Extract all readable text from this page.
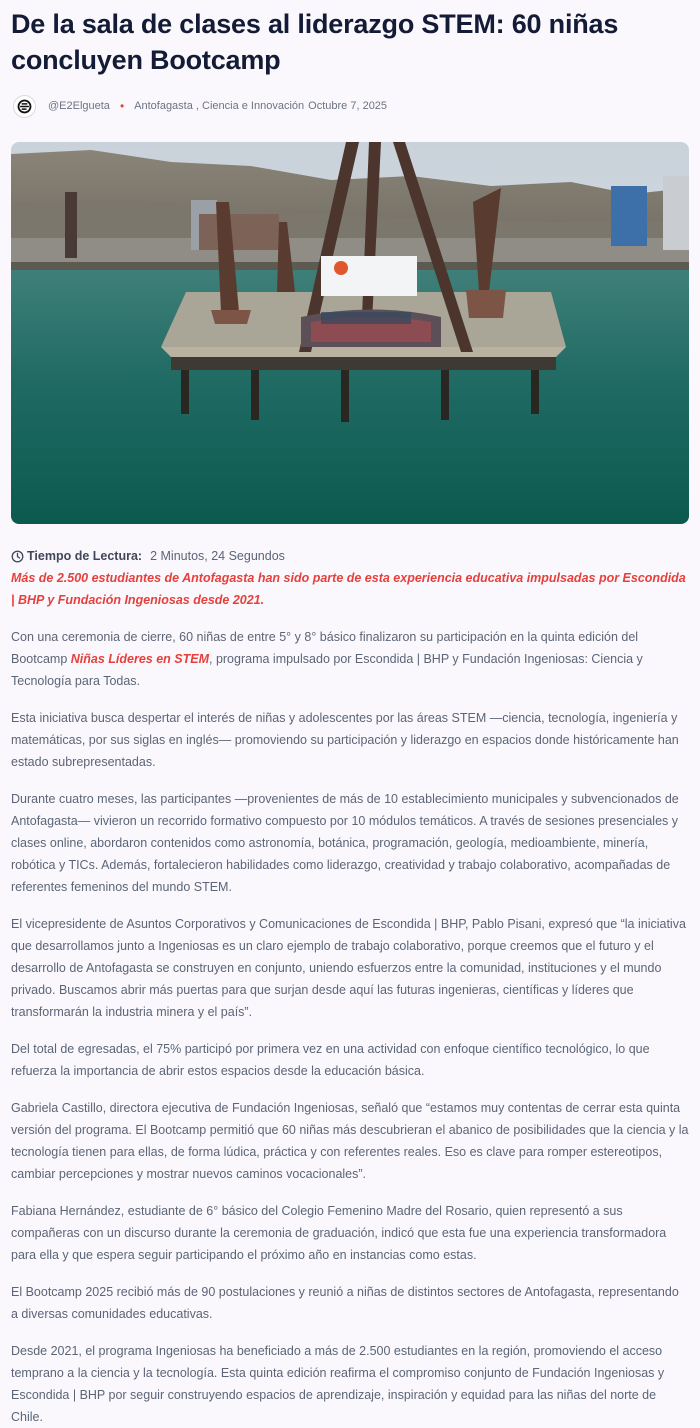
De la sala de clases al liderazgo STEM: 60 niñas concluyen Bootcamp
@E2Elgueta • Antofagasta , Ciencia e Innovación Octubre 7, 2025
Tiempo de Lectura: 2 Minutos, 24 Segundos

Más de 2.500 estudiantes de Antofagasta han sido parte de esta experiencia educativa impulsadas por Escondida | BHP y Fundación Ingeniosas desde 2021.

Con una ceremonia de cierre, 60 niñas de entre 5° y 8° básico finalizaron su participación en la quinta edición del Bootcamp Niñas Líderes en STEM, programa impulsado por Escondida | BHP y Fundación Ingeniosas: Ciencia y Tecnología para Todas.

Esta iniciativa busca despertar el interés de niñas y adolescentes por las áreas STEM —ciencia, tecnología, ingeniería y matemáticas, por sus siglas en inglés— promoviendo su participación y liderazgo en espacios donde históricamente han estado subrepresentadas.

Durante cuatro meses, las participantes —provenientes de más de 10 establecimiento municipales y subvencionados de Antofagasta— vivieron un recorrido formativo compuesto por 10 módulos temáticos. A través de sesiones presenciales y clases online, abordaron contenidos como astronomía, botánica, programación, geología, medioambiente, minería, robótica y TICs. Además, fortalecieron habilidades como liderazgo, creatividad y trabajo colaborativo, acompañadas de referentes femeninos del mundo STEM.

El vicepresidente de Asuntos Corporativos y Comunicaciones de Escondida | BHP, Pablo Pisani, expresó que “la iniciativa que desarrollamos junto a Ingeniosas es un claro ejemplo de trabajo colaborativo, porque creemos que el futuro y el desarrollo de Antofagasta se construyen en conjunto, uniendo esfuerzos entre la comunidad, instituciones y el mundo privado. Buscamos abrir más puertas para que surjan desde aquí las futuras ingenieras, científicas y líderes que transformarán la industria minera y el país”.

Del total de egresadas, el 75% participó por primera vez en una actividad con enfoque científico tecnológico, lo que refuerza la importancia de abrir estos espacios desde la educación básica.

Gabriela Castillo, directora ejecutiva de Fundación Ingeniosas, señaló que “estamos muy contentas de cerrar esta quinta versión del programa. El Bootcamp permitió que 60 niñas más descubrieran el abanico de posibilidades que la ciencia y la tecnología tienen para ellas, de forma lúdica, práctica y con referentes reales. Eso es clave para romper estereotipos, cambiar percepciones y mostrar nuevos caminos vocacionales”.

Fabiana Hernández, estudiante de 6° básico del Colegio Femenino Madre del Rosario, quien representó a sus compañeras con un discurso durante la ceremonia de graduación, indicó que esta fue una experiencia transformadora para ella y que espera seguir participando el próximo año en instancias como estas.

El Bootcamp 2025 recibió más de 90 postulaciones y reunió a niñas de distintos sectores de Antofagasta, representando a diversas comunidades educativas.

Desde 2021, el programa Ingeniosas ha beneficiado a más de 2.500 estudiantes en la región, promoviendo el acceso temprano a la ciencia y la tecnología. Esta quinta edición reafirma el compromiso conjunto de Fundación Ingeniosas y Escondida | BHP por seguir construyendo espacios de aprendizaje, inspiración y equidad para las niñas del norte de Chile.
